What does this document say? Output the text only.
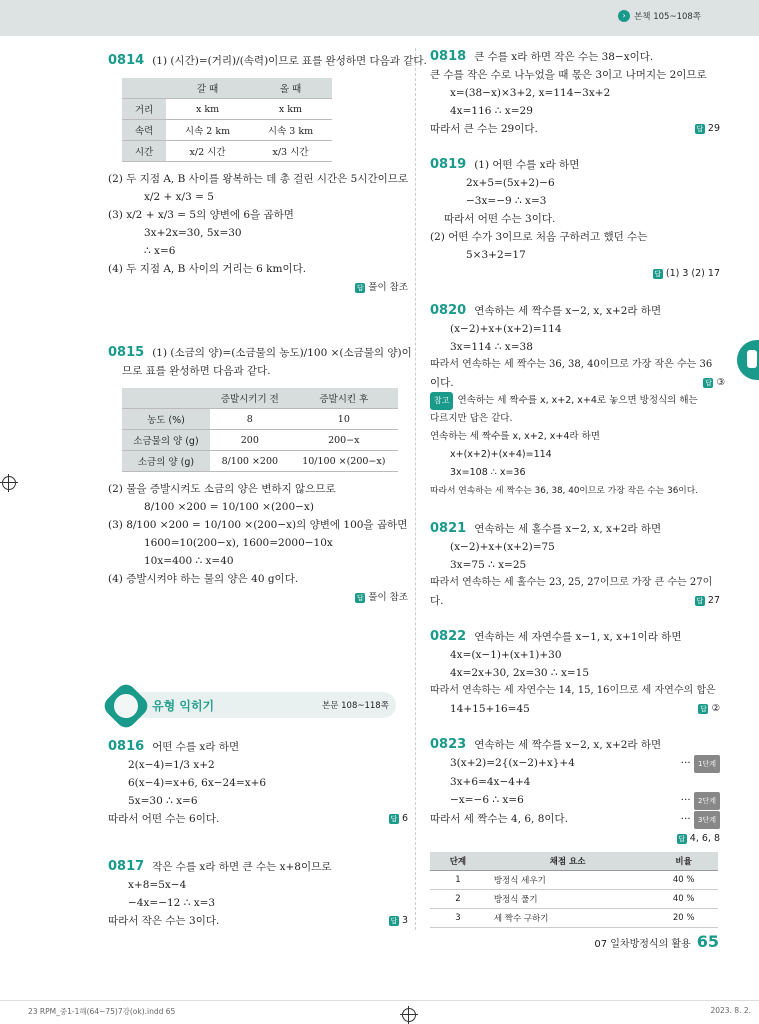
› 본책 105~108쪽
0814 (1) (시간)=(거리)/(속력)이므로 표를 완성하면 다음과 같다.
	갈 때	올 때
거리	x km	x km
속력	시속 2 km	시속 3 km
시간	x/2 시간	x/3 시간
(2) 두 지점 A, B 사이를 왕복하는 데 총 걸린 시간은 5시간이므로
x/2 + x/3 = 5
(3) x/2 + x/3 = 5의 양변에 6을 곱하면
3x+2x=30, 5x=30
∴ x=6
(4) 두 지점 A, B 사이의 거리는 6 km이다.
답 풀이 참조
0815 (1) (소금의 양)=(소금물의 농도)/100 ×(소금물의 양)이
므로 표를 완성하면 다음과 같다.
	증발시키기 전	증발시킨 후
농도 (%)	8	10
소금물의 양 (g)	200	200−x
소금의 양 (g)	8/100 ×200	10/100 ×(200−x)
(2) 물을 증발시켜도 소금의 양은 변하지 않으므로
8/100 ×200 = 10/100 ×(200−x)
(3) 8/100 ×200 = 10/100 ×(200−x)의 양변에 100을 곱하면
1600=10(200−x), 1600=2000−10x
10x=400 ∴ x=40
(4) 증발시켜야 하는 물의 양은 40 g이다.
답 풀이 참조
유형 익히기	본문 108~118쪽
0816 어떤 수를 x라 하면
2(x−4)=1/3 x+2
6(x−4)=x+6, 6x−24=x+6
5x=30 ∴ x=6
따라서 어떤 수는 6이다.	답 6
0817 작은 수를 x라 하면 큰 수는 x+8이므로
x+8=5x−4
−4x=−12 ∴ x=3
따라서 작은 수는 3이다.	답 3
0818 큰 수를 x라 하면 작은 수는 38−x이다.
큰 수를 작은 수로 나누었을 때 몫은 3이고 나머지는 2이므로
x=(38−x)×3+2, x=114−3x+2
4x=116 ∴ x=29
따라서 큰 수는 29이다.	답 29
0819 (1) 어떤 수를 x라 하면
2x+5=(5x+2)−6
−3x=−9 ∴ x=3
따라서 어떤 수는 3이다.
(2) 어떤 수가 3이므로 처음 구하려고 했던 수는
5×3+2=17
답 (1) 3 (2) 17
0820 연속하는 세 짝수를 x−2, x, x+2라 하면
(x−2)+x+(x+2)=114
3x=114 ∴ x=38
따라서 연속하는 세 짝수는 36, 38, 40이므로 가장 작은 수는 36
이다.	답 ③
참고 연속하는 세 짝수를 x, x+2, x+4로 놓으면 방정식의 해는
다르지만 답은 같다.
연속하는 세 짝수를 x, x+2, x+4라 하면
x+(x+2)+(x+4)=114
3x=108 ∴ x=36
따라서 연속하는 세 짝수는 36, 38, 40이므로 가장 작은 수는 36이다.
0821 연속하는 세 홀수를 x−2, x, x+2라 하면
(x−2)+x+(x+2)=75
3x=75 ∴ x=25
따라서 연속하는 세 홀수는 23, 25, 27이므로 가장 큰 수는 27이
다.	답 27
0822 연속하는 세 자연수를 x−1, x, x+1이라 하면
4x=(x−1)+(x+1)+30
4x=2x+30, 2x=30 ∴ x=15
따라서 연속하는 세 자연수는 14, 15, 16이므로 세 자연수의 합은
14+15+16=45	답 ②
0823 연속하는 세 짝수를 x−2, x, x+2라 하면
3(x+2)=2{(x−2)+x}+4	··· 1단계
3x+6=4x−4+4
−x=−6 ∴ x=6	··· 2단계
따라서 세 짝수는 4, 6, 8이다.	··· 3단계
답 4, 6, 8
단계	채점 요소	비율
1	방정식 세우기	40 %
2	방정식 풀기	40 %
3	세 짝수 구하기	20 %
07 일차방정식의 활용 65
23 RPM_중1-1해(64~75)7강(ok).indd 65	2023. 8. 2.
